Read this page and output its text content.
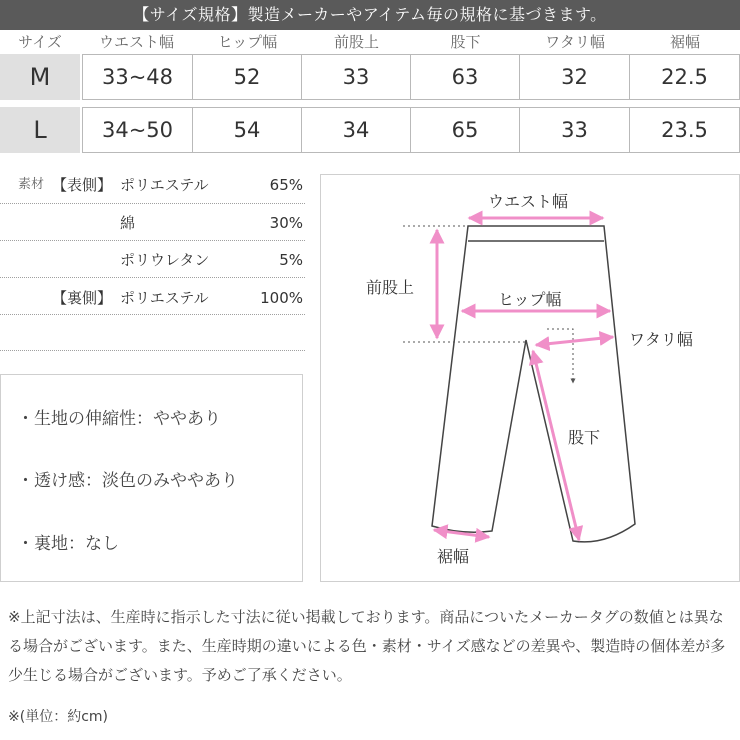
【サイズ規格】製造メーカーやアイテム毎の規格に基づきます。
サイズ	ウエスト幅	ヒップ幅	前股上	股下	ワタリ幅	裾幅
M	33~48	52	33	63	32	22.5
L	34~50	54	34	65	33	23.5
素材 【表側】 ポリエステル	65%
綿	30%
ポリウレタン	5%
【裏側】 ポリエステル	100%
・生地の伸縮性：ややあり
・透け感：淡色のみややあり
・裏地：なし
ウエスト幅
前股上
ヒップ幅
ワタリ幅
股下
裾幅
※上記寸法は、生産時に指示した寸法に従い掲載しております。商品についたメーカータグの数値とは異なる場合がございます。また、生産時期の違いによる色・素材・サイズ感などの差異や、製造時の個体差が多少生じる場合がございます。予めご了承ください。
※(単位：約cm)
